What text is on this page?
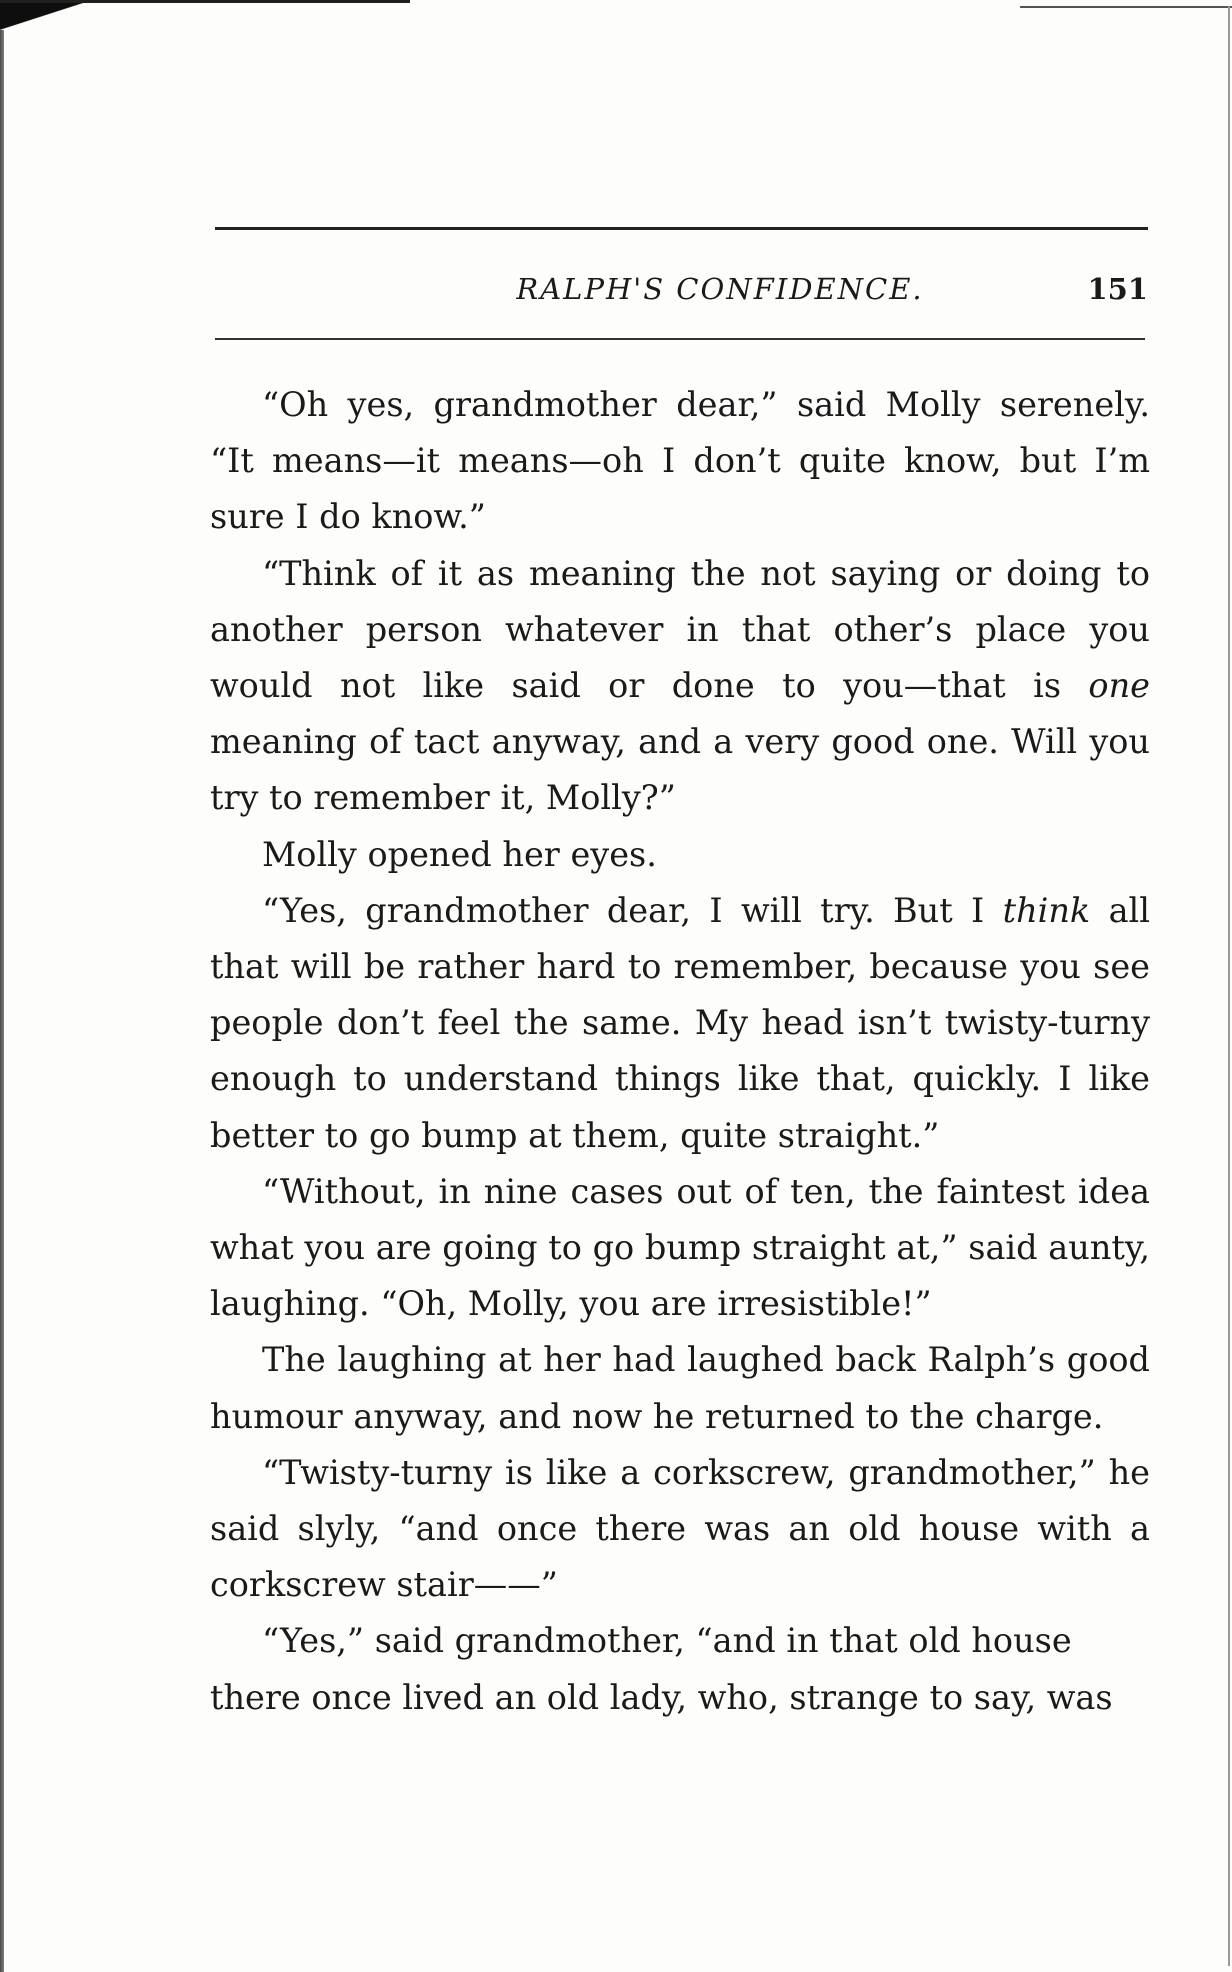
RALPH'S CONFIDENCE.	151

“Oh yes, grandmother dear,” said Molly serenely. “It means—it means—oh I don’t quite know, but I’m sure I do know.”

“Think of it as meaning the not saying or doing to another person whatever in that other’s place you would not like said or done to you—that is one meaning of tact anyway, and a very good one. Will you try to remember it, Molly?”

Molly opened her eyes.

“Yes, grandmother dear, I will try. But I think all that will be rather hard to remember, because you see people don’t feel the same. My head isn’t twisty-turny enough to understand things like that, quickly. I like better to go bump at them, quite straight.”

“Without, in nine cases out of ten, the faintest idea what you are going to go bump straight at,” said aunty, laughing. “Oh, Molly, you are irresistible!”

The laughing at her had laughed back Ralph’s good humour anyway, and now he returned to the charge.

“Twisty-turny is like a corkscrew, grandmother,” he said slyly, “and once there was an old house with a corkscrew stair——”

“Yes,” said grandmother, “and in that old house there once lived an old lady, who, strange to say, was
